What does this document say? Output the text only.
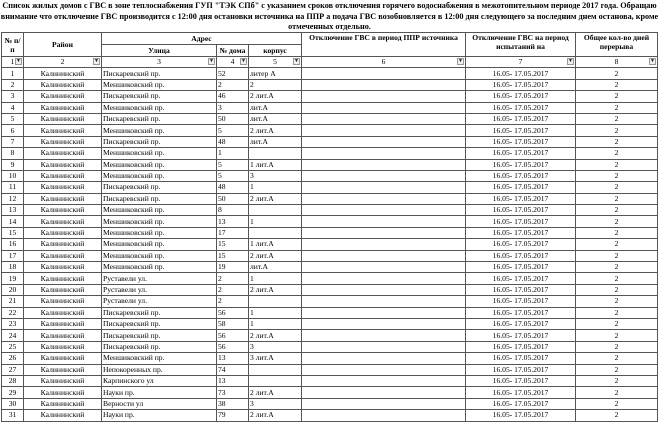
Список жилых домов с ГВС в зоне теплоснабжения ГУП "ТЭК СПб" с указанием сроков отключения горячего водоснабжения в межотопительном периоде 2017 года. Обращаю внимание что отключение ГВС производится с 12:00 дня остановки источника на ППР а подача ГВС возобновляется в 12:00 дня следующего за последним днем останова, кроме отмеченных отдельно.
№ п/п	Район	Адрес			Отключение ГВС в период ППР источника	Отключение ГВС на период испытаний на	Общее кол-во дней перерыва
		Улица	№ дома	корпус			

1 ▼	2 ▼	3 ▼	4 ▼	5 ▼	6 ▼	7 ▼	8 ▼

1	Калининский	Пискаревский пр.	52	литер А		16.05- 17.05.2017	2
2	Калининский	Меншиковский пр.	2	2		16.05- 17.05.2017	2
3	Калининский	Пискаревский пр.	46	2 лит.А		16.05- 17.05.2017	2
4	Калининский	Меншиковский пр.	3	лит.А		16.05- 17.05.2017	2
5	Калининский	Пискаревский пр.	50	лит.А		16.05- 17.05.2017	2
6	Калининский	Меншиковский пр.	5	2 лит.А		16.05- 17.05.2017	2
7	Калининский	Пискаревский пр.	48	лит.А		16.05- 17.05.2017	2
8	Калининский	Меншиковский пр.	1			16.05- 17.05.2017	2
9	Калининский	Меншиковский пр.	5	1 лит.А		16.05- 17.05.2017	2
10	Калининский	Меншиковский пр.	5	3		16.05- 17.05.2017	2
11	Калининский	Пискаревский пр.	48	1		16.05- 17.05.2017	2
12	Калининский	Пискаревский пр.	50	2 лит.А		16.05- 17.05.2017	2
13	Калининский	Меншиковский пр.	8			16.05- 17.05.2017	2
14	Калининский	Меншиковский пр.	13	1		16.05- 17.05.2017	2
15	Калининский	Меншиковский пр.	17			16.05- 17.05.2017	2
16	Калининский	Меншиковский пр.	15	1 лит.А		16.05- 17.05.2017	2
17	Калининский	Меншиковский пр.	15	2 лит.А		16.05- 17.05.2017	2
18	Калининский	Меншиковский пр.	19	лит.А		16.05- 17.05.2017	2
19	Калининский	Руставели ул.	2	1		16.05- 17.05.2017	2
20	Калининский	Руставели ул.	2	2 лит.А		16.05- 17.05.2017	2
21	Калининский	Руставели ул.	2			16.05- 17.05.2017	2
22	Калининский	Пискаревский пр.	56	1		16.05- 17.05.2017	2
23	Калининский	Пискаревский пр.	58	1		16.05- 17.05.2017	2
24	Калининский	Пискаревский пр.	56	2 лит.А		16.05- 17.05.2017	2
25	Калининский	Пискаревский пр.	56	3		16.05- 17.05.2017	2
26	Калининский	Меншиковский пр.	13	3 лит.А		16.05- 17.05.2017	2
27	Калининский	Непокоренных пр.	74			16.05- 17.05.2017	2
28	Калининский	Карпинского ул	13			16.05- 17.05.2017	2
29	Калининский	Науки пр.	73	2 лит.А		16.05- 17.05.2017	2
30	Калининский	Верности ул	38	3		16.05- 17.05.2017	2
31	Калининский	Науки пр.	79	2 лит.А		16.05- 17.05.2017	2
